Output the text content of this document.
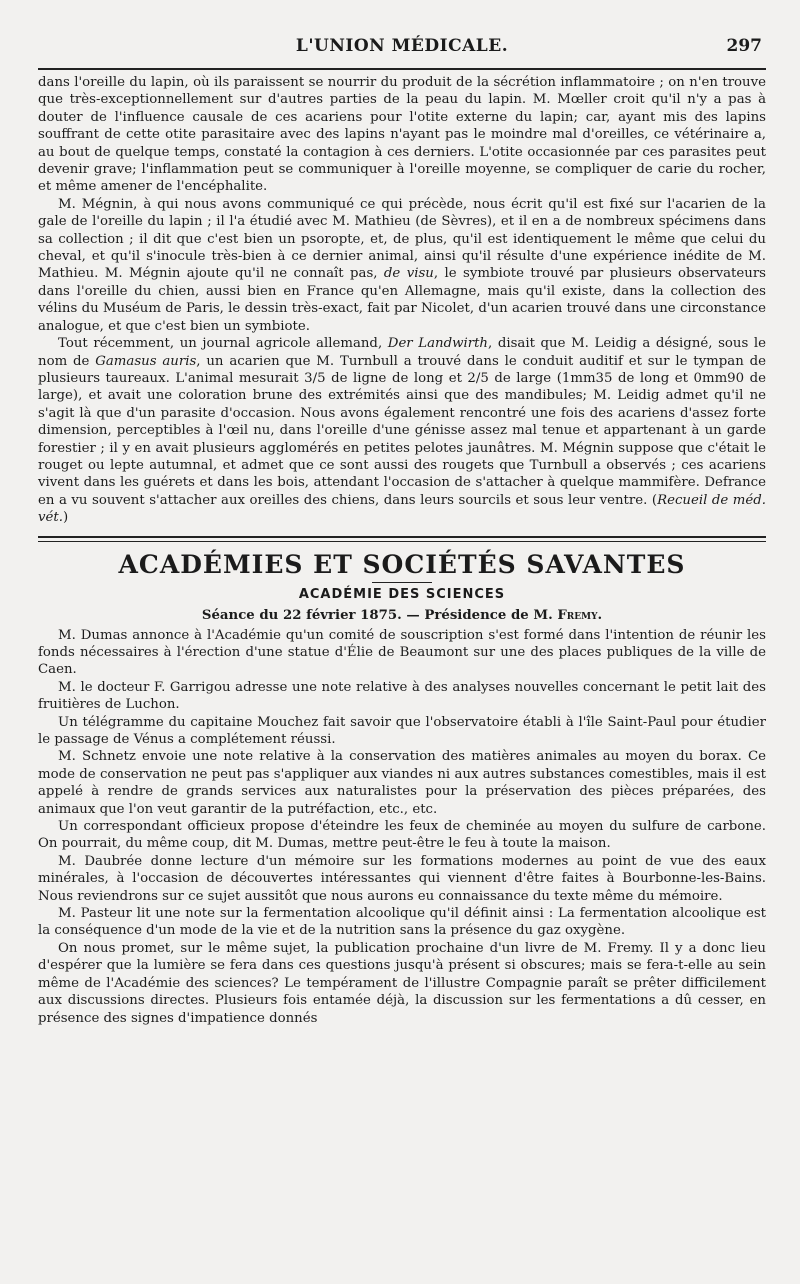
L'UNION MÉDICALE.	297

dans l'oreille du lapin, où ils paraissent se nourrir du produit de la sécrétion inflammatoire ; on n'en trouve que très-exceptionnellement sur d'autres parties de la peau du lapin. M. Mœller croit qu'il n'y a pas à douter de l'influence causale de ces acariens pour l'otite externe du lapin; car, ayant mis des lapins souffrant de cette otite parasitaire avec des lapins n'ayant pas le moindre mal d'oreilles, ce vétérinaire a, au bout de quelque temps, constaté la contagion à ces derniers. L'otite occasionnée par ces parasites peut devenir grave; l'inflammation peut se communiquer à l'oreille moyenne, se compliquer de carie du rocher, et même amener de l'encéphalite.

M. Mégnin, à qui nous avons communiqué ce qui précède, nous écrit qu'il est fixé sur l'acarien de la gale de l'oreille du lapin ; il l'a étudié avec M. Mathieu (de Sèvres), et il en a de nombreux spécimens dans sa collection ; il dit que c'est bien un psoropte, et, de plus, qu'il est identiquement le même que celui du cheval, et qu'il s'inocule très-bien à ce dernier animal, ainsi qu'il résulte d'une expérience inédite de M. Mathieu. M. Mégnin ajoute qu'il ne connaît pas, de visu, le symbiote trouvé par plusieurs observateurs dans l'oreille du chien, aussi bien en France qu'en Allemagne, mais qu'il existe, dans la collection des vélins du Muséum de Paris, le dessin très-exact, fait par Nicolet, d'un acarien trouvé dans une circonstance analogue, et que c'est bien un symbiote.

Tout récemment, un journal agricole allemand, Der Landwirth, disait que M. Leidig a désigné, sous le nom de Gamasus auris, un acarien que M. Turnbull a trouvé dans le conduit auditif et sur le tympan de plusieurs taureaux. L'animal mesurait 3/5 de ligne de long et 2/5 de large (1mm35 de long et 0mm90 de large), et avait une coloration brune des extrémités ainsi que des mandibules; M. Leidig admet qu'il ne s'agit là que d'un parasite d'occasion. Nous avons également rencontré une fois des acariens d'assez forte dimension, perceptibles à l'œil nu, dans l'oreille d'une génisse assez mal tenue et appartenant à un garde forestier ; il y en avait plusieurs agglomérés en petites pelotes jaunâtres. M. Mégnin suppose que c'était le rouget ou lepte autumnal, et admet que ce sont aussi des rougets que Turnbull a observés ; ces acariens vivent dans les guérets et dans les bois, attendant l'occasion de s'attacher à quelque mammifère. Defrance en a vu souvent s'attacher aux oreilles des chiens, dans leurs sourcils et sous leur ventre. (Recueil de méd. vét.)

ACADÉMIES ET SOCIÉTÉS SAVANTES
ACADÉMIE DES SCIENCES
Séance du 22 février 1875. — Présidence de M. Fremy.

M. Dumas annonce à l'Académie qu'un comité de souscription s'est formé dans l'intention de réunir les fonds nécessaires à l'érection d'une statue d'Élie de Beaumont sur une des places publiques de la ville de Caen.

M. le docteur F. Garrigou adresse une note relative à des analyses nouvelles concernant le petit lait des fruitières de Luchon.

Un télégramme du capitaine Mouchez fait savoir que l'observatoire établi à l'île Saint-Paul pour étudier le passage de Vénus a complétement réussi.

M. Schnetz envoie une note relative à la conservation des matières animales au moyen du borax. Ce mode de conservation ne peut pas s'appliquer aux viandes ni aux autres substances comestibles, mais il est appelé à rendre de grands services aux naturalistes pour la préservation des pièces préparées, des animaux que l'on veut garantir de la putréfaction, etc., etc.

Un correspondant officieux propose d'éteindre les feux de cheminée au moyen du sulfure de carbone. On pourrait, du même coup, dit M. Dumas, mettre peut-être le feu à toute la maison.

M. Daubrée donne lecture d'un mémoire sur les formations modernes au point de vue des eaux minérales, à l'occasion de découvertes intéressantes qui viennent d'être faites à Bourbonne-les-Bains. Nous reviendrons sur ce sujet aussitôt que nous aurons eu connaissance du texte même du mémoire.

M. Pasteur lit une note sur la fermentation alcoolique qu'il définit ainsi : La fermentation alcoolique est la conséquence d'un mode de la vie et de la nutrition sans la présence du gaz oxygène.

On nous promet, sur le même sujet, la publication prochaine d'un livre de M. Fremy. Il y a donc lieu d'espérer que la lumière se fera dans ces questions jusqu'à présent si obscures; mais se fera-t-elle au sein même de l'Académie des sciences? Le tempérament de l'illustre Compagnie paraît se prêter difficilement aux discussions directes. Plusieurs fois entamée déjà, la discussion sur les fermentations a dû cesser, en présence des signes d'impatience donnés
